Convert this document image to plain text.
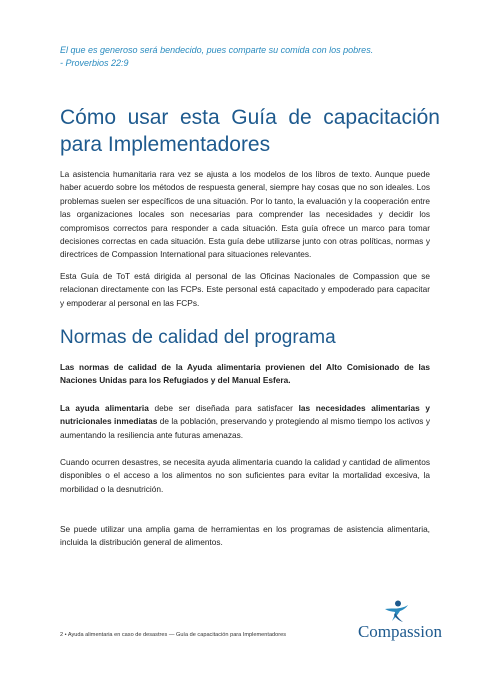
El que es generoso será bendecido, pues comparte su comida con los pobres.
- Proverbios 22:9
Cómo usar esta Guía de capacitación para Implementadores

La asistencia humanitaria rara vez se ajusta a los modelos de los libros de texto. Aunque puede haber acuerdo sobre los métodos de respuesta general, siempre hay cosas que no son ideales. Los problemas suelen ser específicos de una situación. Por lo tanto, la evaluación y la cooperación entre las organizaciones locales son necesarias para comprender las necesidades y decidir los compromisos correctos para responder a cada situación. Esta guía ofrece un marco para tomar decisiones correctas en cada situación. Esta guía debe utilizarse junto con otras políticas, normas y directrices de Compassion International para situaciones relevantes.

Esta Guía de ToT está dirigida al personal de las Oficinas Nacionales de Compassion que se relacionan directamente con las FCPs. Este personal está capacitado y empoderado para capacitar y empoderar al personal en las FCPs.

Normas de calidad del programa

Las normas de calidad de la Ayuda alimentaria provienen del Alto Comisionado de las Naciones Unidas para los Refugiados y del Manual Esfera.

La ayuda alimentaria debe ser diseñada para satisfacer las necesidades alimentarias y nutricionales inmediatas de la población, preservando y protegiendo al mismo tiempo los activos y aumentando la resiliencia ante futuras amenazas.

Cuando ocurren desastres, se necesita ayuda alimentaria cuando la calidad y cantidad de alimentos disponibles o el acceso a los alimentos no son suficientes para evitar la mortalidad excesiva, la morbilidad o la desnutrición.

Se puede utilizar una amplia gama de herramientas en los programas de asistencia alimentaria, incluida la distribución general de alimentos.

2 • Ayuda alimentaria en caso de desastres — Guía de capacitación para Implementadores	Compassion
